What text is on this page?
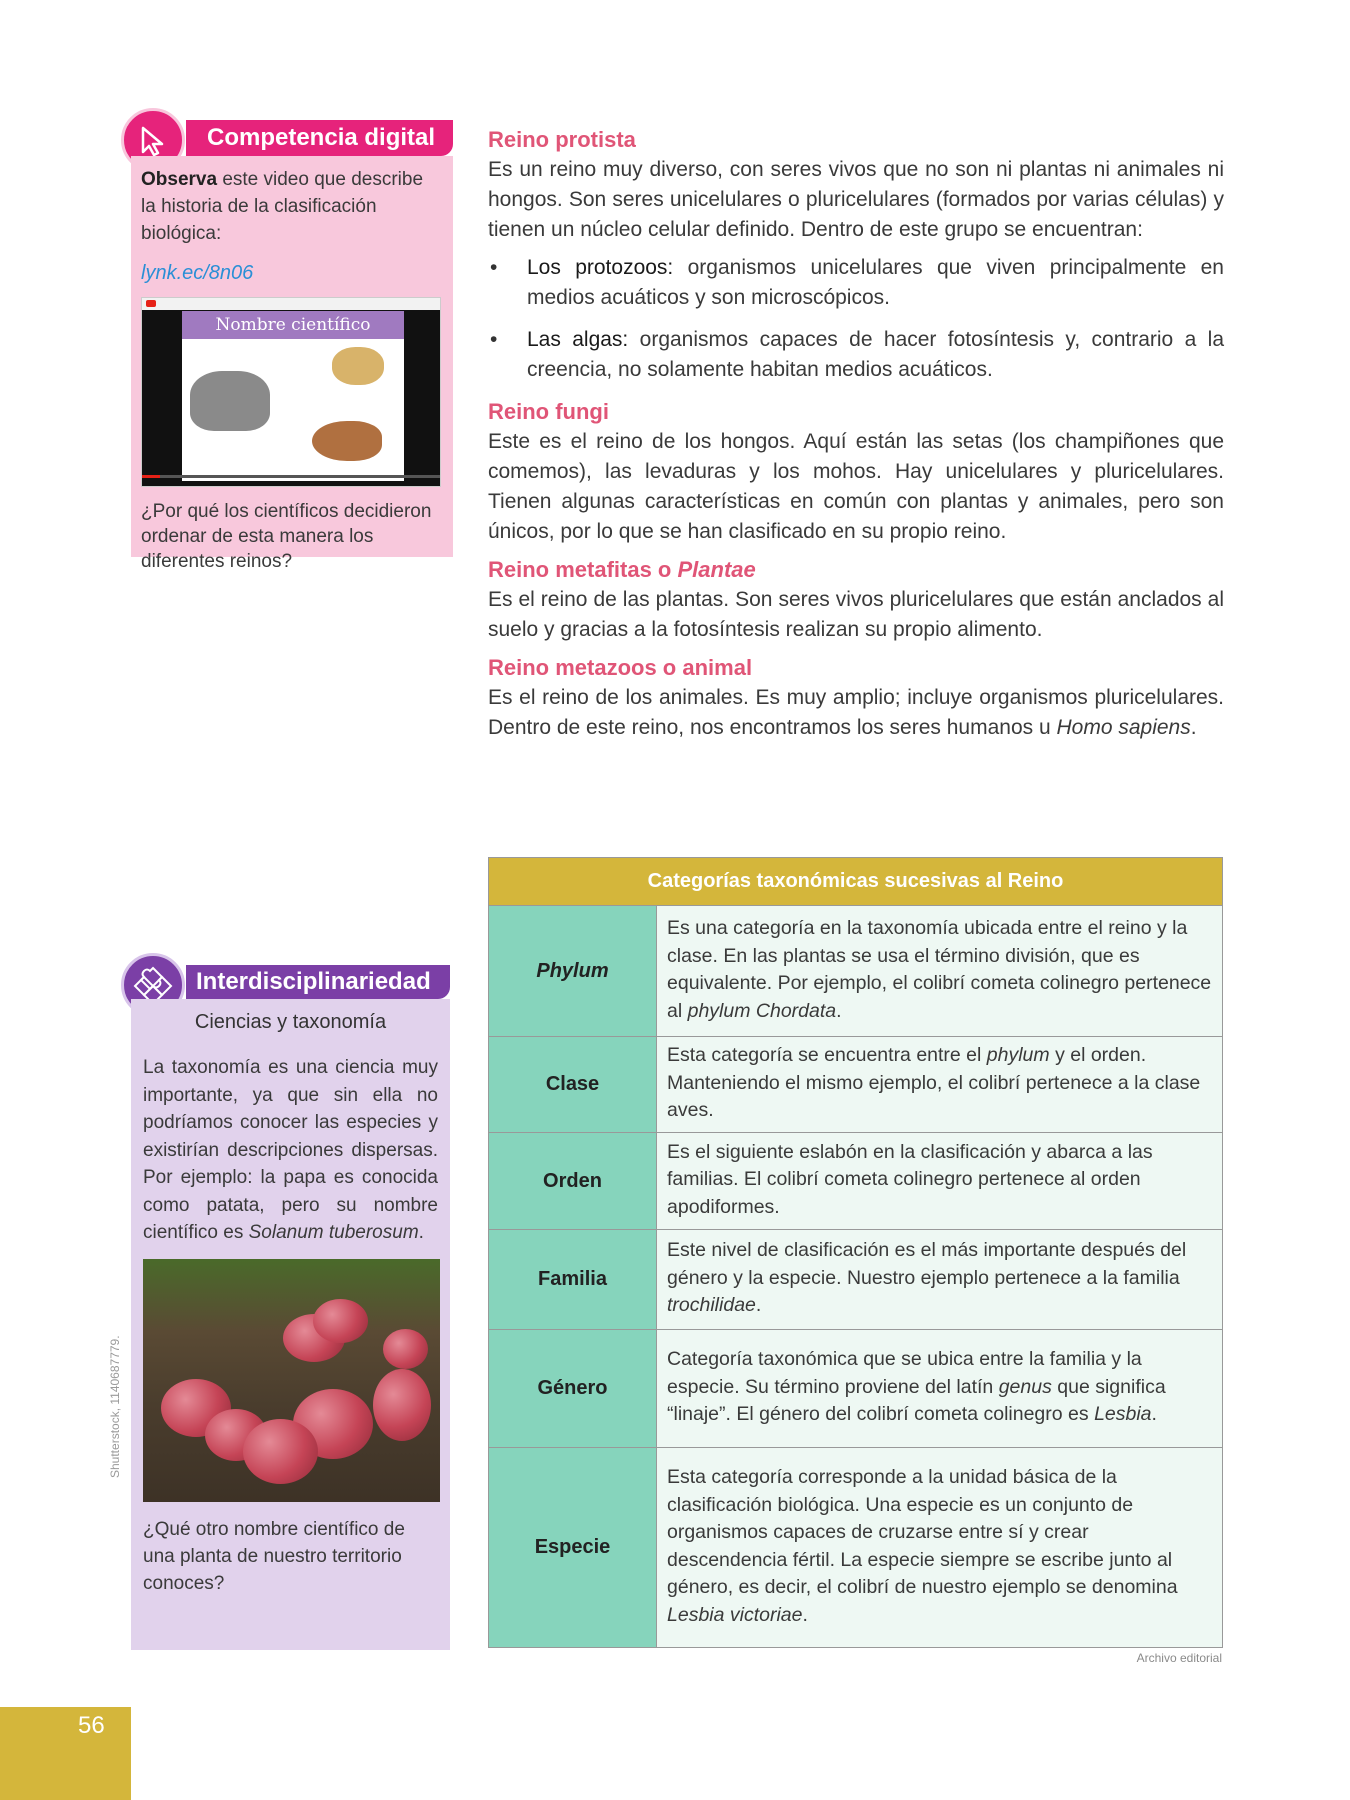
Competencia digital

Observa este video que describe la historia de la clasificación biológica:

lynk.ec/8n06
Nombre científico
¿Por qué los científicos decidieron ordenar de esta manera los diferentes reinos?
Interdisciplinariedad
Ciencias y taxonomía

La taxonomía es una ciencia muy importante, ya que sin ella no podríamos conocer las especies y existirían descripciones dispersas. Por ejemplo: la papa es conocida como patata, pero su nombre científico es Solanum tuberosum.

¿Qué otro nombre científico de una planta de nuestro territorio conoces?
Shutterstock, 1140687779.
Reino protista

Es un reino muy diverso, con seres vivos que no son ni plantas ni animales ni hongos. Son seres unicelulares o pluricelulares (formados por varias células) y tienen un núcleo celular definido. Dentro de este grupo se encuentran:

• Los protozoos: organismos unicelulares que viven principalmente en medios acuáticos y son microscópicos.
• Las algas: organismos capaces de hacer fotosíntesis y, contrario a la creencia, no solamente habitan medios acuáticos.
Reino fungi

Este es el reino de los hongos. Aquí están las setas (los champiñones que comemos), las levaduras y los mohos. Hay unicelulares y pluricelulares. Tienen algunas características en común con plantas y animales, pero son únicos, por lo que se han clasificado en su propio reino.

Reino metafitas o Plantae

Es el reino de las plantas. Son seres vivos pluricelulares que están anclados al suelo y gracias a la fotosíntesis realizan su propio alimento.

Reino metazoos o animal

Es el reino de los animales. Es muy amplio; incluye organismos pluricelulares. Dentro de este reino, nos encontramos los seres humanos u Homo sapiens.

Categorías taxonómicas sucesivas al Reino	
Phylum	Es una categoría en la taxonomía ubicada entre el reino y la clase. En las plantas se usa el término división, que es equivalente. Por ejemplo, el colibrí cometa colinegro pertenece al phylum Chordata.
Clase	Esta categoría se encuentra entre el phylum y el orden. Manteniendo el mismo ejemplo, el colibrí pertenece a la clase aves.
Orden	Es el siguiente eslabón en la clasificación y abarca a las familias. El colibrí cometa colinegro pertenece al orden apodiformes.
Familia	Este nivel de clasificación es el más importante después del género y la especie. Nuestro ejemplo pertenece a la familia trochilidae.
Género	Categoría taxonómica que se ubica entre la familia y la especie. Su término proviene del latín genus que significa “linaje”. El género del colibrí cometa colinegro es Lesbia.
Especie	Esta categoría corresponde a la unidad básica de la clasificación biológica. Una especie es un conjunto de organismos capaces de cruzarse entre sí y crear descendencia fértil. La especie siempre se escribe junto al género, es decir, el colibrí de nuestro ejemplo se denomina Lesbia victoriae.
Archivo editorial
56
